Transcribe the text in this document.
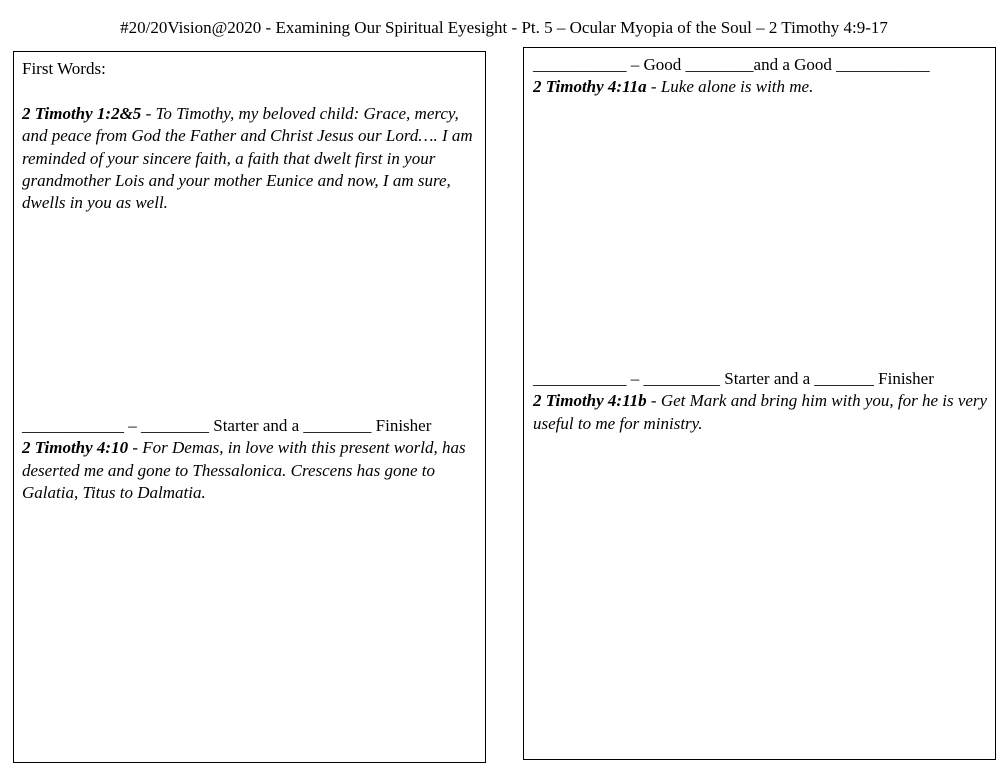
#20/20Vision@2020 - Examining Our Spiritual Eyesight - Pt. 5 – Ocular Myopia of the Soul – 2 Timothy 4:9-17
First Words:
2 Timothy 1:2&5 - To Timothy, my beloved child: Grace, mercy, and peace from God the Father and Christ Jesus our Lord…. I am reminded of your sincere faith, a faith that dwelt first in your grandmother Lois and your mother Eunice and now, I am sure, dwells in you as well.
____________ – ________ Starter and a ________ Finisher
2 Timothy 4:10 - For Demas, in love with this present world, has deserted me and gone to Thessalonica. Crescens has gone to Galatia, Titus to Dalmatia.
___________ – Good ________and a Good ___________
2 Timothy 4:11a - Luke alone is with me.
___________ – _________ Starter and a _______ Finisher
2 Timothy 4:11b - Get Mark and bring him with you, for he is very useful to me for ministry.
